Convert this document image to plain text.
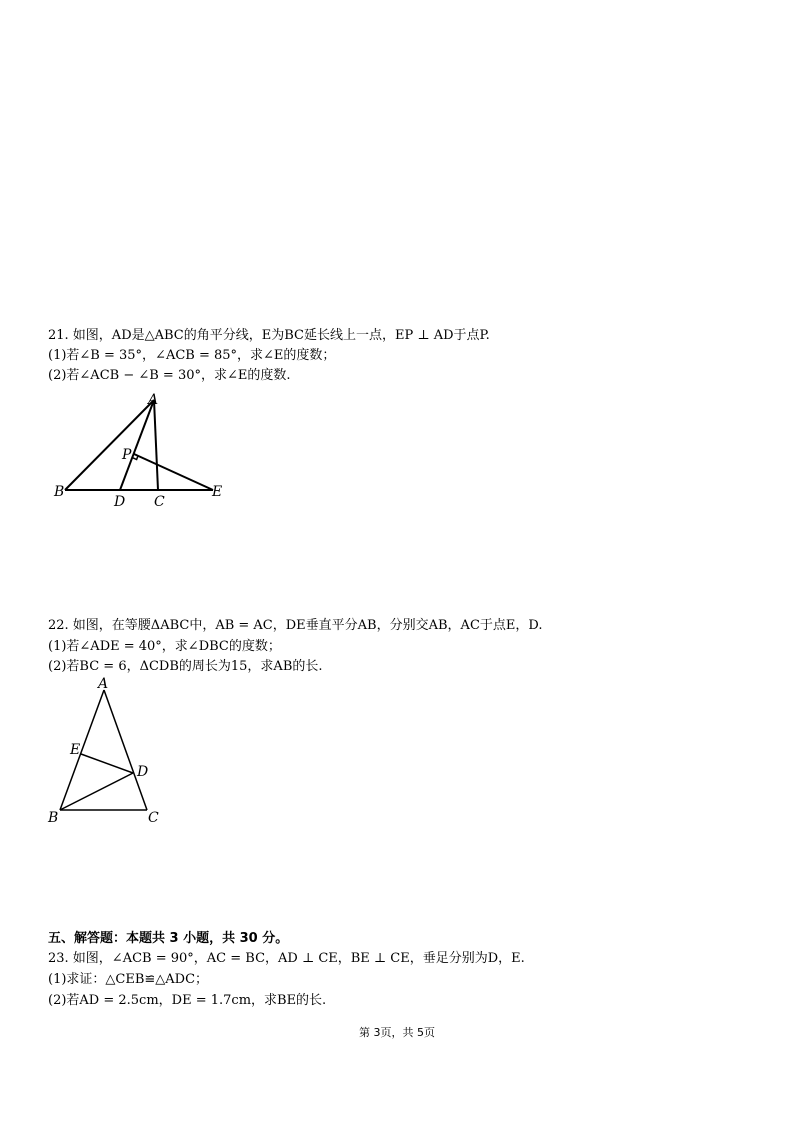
21. 如图，AD是△ABC的角平分线，E为BC延长线上一点，EP ⊥ AD于点P.
(1)若∠B = 35°，∠ACB = 85°，求∠E的度数；
(2)若∠ACB − ∠B = 30°，求∠E的度数.
A
B
D C
E
P
22. 如图，在等腰ΔABC中，AB = AC，DE垂直平分AB，分别交AB，AC于点E，D.
(1)若∠ADE = 40°，求∠DBC的度数；
(2)若BC = 6，ΔCDB的周长为15，求AB的长.
A
B	C
D
E
五、解答题：本题共 3 小题，共 30 分。
23. 如图，∠ACB = 90°，AC = BC，AD ⊥ CE，BE ⊥ CE，垂足分别为D，E.
(1)求证：△CEB≌△ADC；
(2)若AD = 2.5cm，DE = 1.7cm，求BE的长.
第 3页，共 5页
